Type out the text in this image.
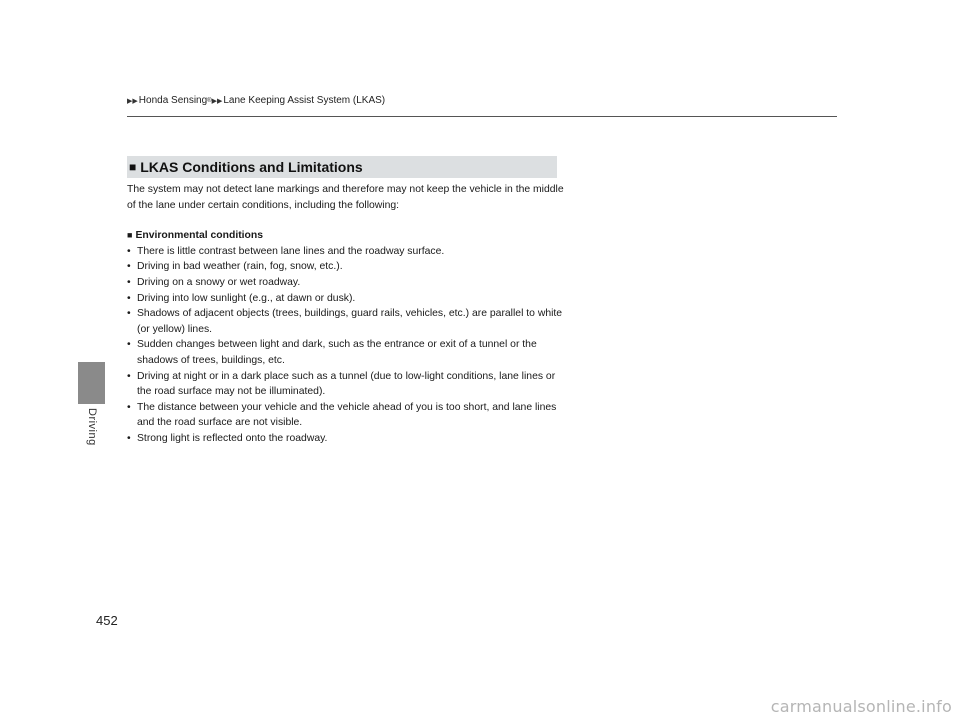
Driving
▶▶ Honda Sensing ® ▶▶ Lane Keeping Assist System (LKAS)
■ LKAS Conditions and Limitations

The system may not detect lane markings and therefore may not keep the vehicle in the middle of the lane under certain conditions, including the following:

■ Environmental conditions
• There is little contrast between lane lines and the roadway surface.
• Driving in bad weather (rain, fog, snow, etc.).
• Driving on a snowy or wet roadway.
• Driving into low sunlight (e.g., at dawn or dusk).
• Shadows of adjacent objects (trees, buildings, guard rails, vehicles, etc.) are parallel to white (or yellow) lines.
• Sudden changes between light and dark, such as the entrance or exit of a tunnel or the shadows of trees, buildings, etc.
• Driving at night or in a dark place such as a tunnel (due to low-light conditions, lane lines or the road surface may not be illuminated).
• The distance between your vehicle and the vehicle ahead of you is too short, and lane lines and the road surface are not visible.
• Strong light is reflected onto the roadway.
452
carmanualsonline.info
